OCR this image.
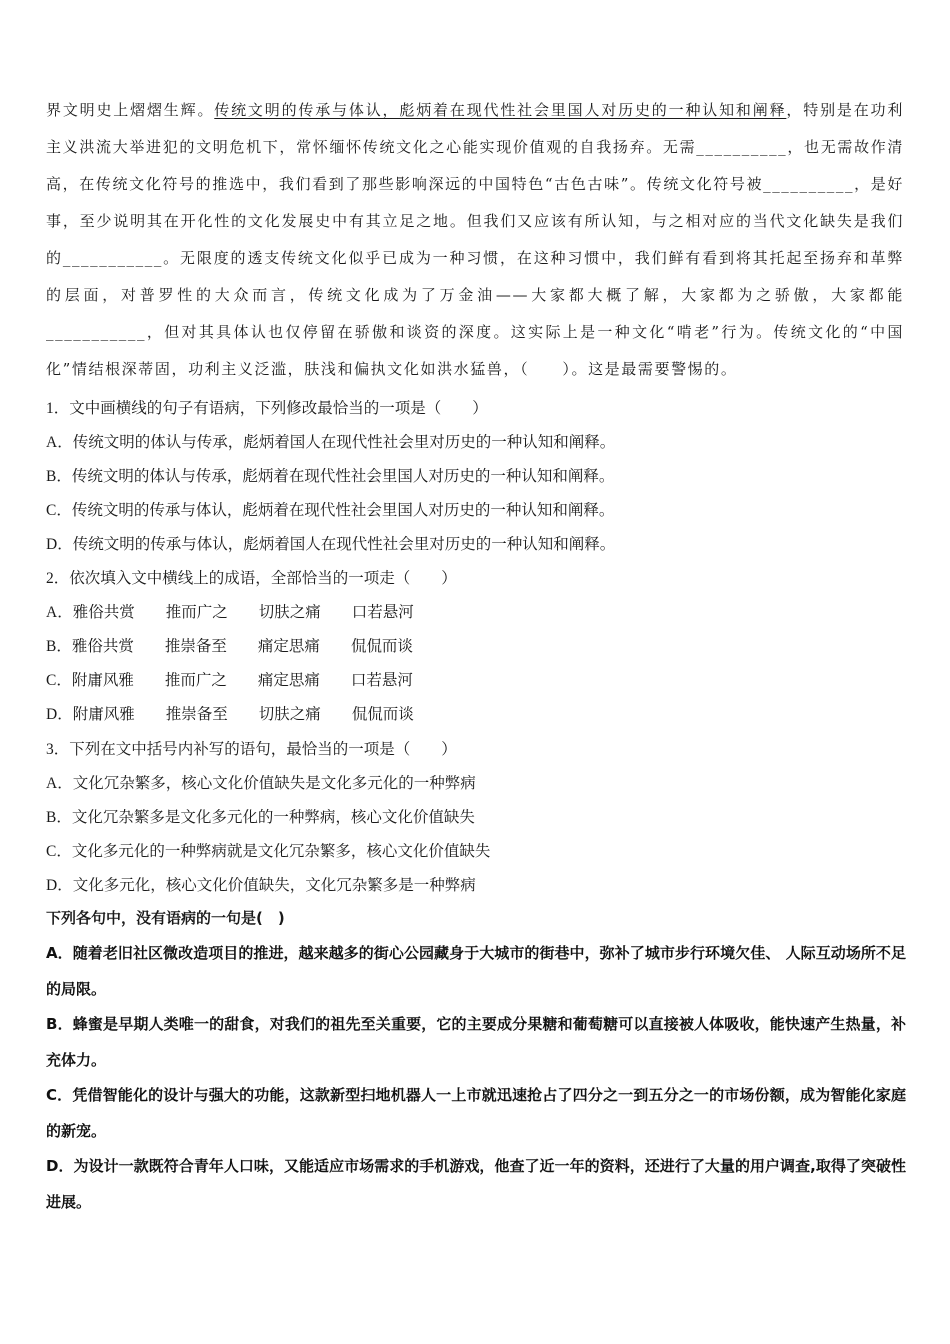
界文明史上熠熠生辉。传统文明的传承与体认，彪炳着在现代性社会里国人对历史的一种认知和阐释，特别是在功利主义洪流大举进犯的文明危机下，常怀缅怀传统文化之心能实现价值观的自我扬弃。无需__________，也无需故作清高，在传统文化符号的推选中，我们看到了那些影响深远的中国特色“古色古味”。传统文化符号被__________，是好事，至少说明其在开化性的文化发展史中有其立足之地。但我们又应该有所认知，与之相对应的当代文化缺失是我们的___________。无限度的透支传统文化似乎已成为一种习惯，在这种习惯中，我们鲜有看到将其托起至扬弃和革弊的层面，对普罗性的大众而言，传统文化成为了万金油——大家都大概了解，大家都为之骄傲，大家都能___________，但对其具体认也仅停留在骄傲和谈资的深度。这实际上是一种文化“啃老”行为。传统文化的“中国化”情结根深蒂固，功利主义泛滥，肤浅和偏执文化如洪水猛兽，（　　）。这是最需要警惕的。
1．文中画横线的句子有语病，下列修改最恰当的一项是（　　）
A．传统文明的体认与传承，彪炳着国人在现代性社会里对历史的一种认知和阐释。
B．传统文明的体认与传承，彪炳着在现代性社会里国人对历史的一种认知和阐释。
C．传统文明的传承与体认，彪炳着在现代性社会里国人对历史的一种认知和阐释。
D．传统文明的传承与体认，彪炳着国人在现代性社会里对历史的一种认知和阐释。
2．依次填入文中横线上的成语，全部恰当的一项走（　　）
A．雅俗共赏　　推而广之　　切肤之痛　　口若悬河
B．雅俗共赏　　推崇备至　　痛定思痛　　侃侃而谈
C．附庸风雅　　推而广之　　痛定思痛　　口若悬河
D．附庸风雅　　推崇备至　　切肤之痛　　侃侃而谈
3．下列在文中括号内补写的语句，最恰当的一项是（　　）
A．文化冗杂繁多，核心文化价值缺失是文化多元化的一种弊病
B．文化冗杂繁多是文化多元化的一种弊病，核心文化价值缺失
C．文化多元化的一种弊病就是文化冗杂繁多，核心文化价值缺失
D．文化多元化，核心文化价值缺失，文化冗杂繁多是一种弊病
下列各句中，没有语病的一句是(　)
A．随着老旧社区微改造项目的推进，越来越多的街心公园藏身于大城市的街巷中，弥补了城市步行环境欠佳、 人际互动场所不足的局限。
B．蜂蜜是早期人类唯一的甜食，对我们的祖先至关重要，它的主要成分果糖和葡萄糖可以直接被人体吸收，能快速产生热量，补充体力。
C．凭借智能化的设计与强大的功能，这款新型扫地机器人一上市就迅速抢占了四分之一到五分之一的市场份额，成为智能化家庭的新宠。
D．为设计一款既符合青年人口味，又能适应市场需求的手机游戏，他查了近一年的资料，还进行了大量的用户调查,取得了突破性进展。
